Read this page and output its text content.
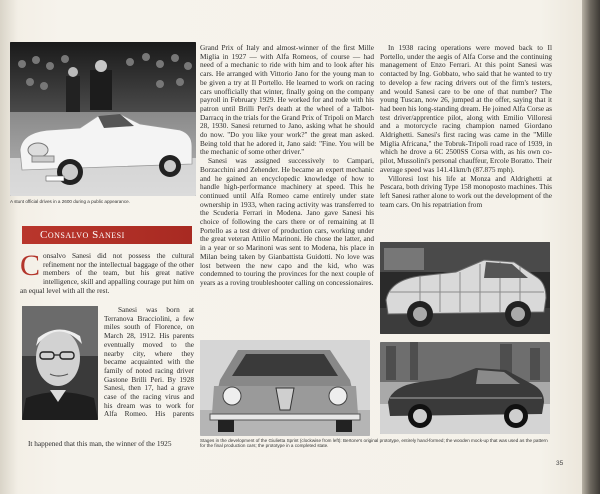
A stunt official drives in a 2600 during a public appearance.
Consalvo Sanesi
C onsalvo Sanesi did not possess the cultural refinement nor the intellectual baggage of the other members of the team, but his great native intelligence, skill and appalling courage put him on an equal level with all the rest.

Sanesi was born at Terranova Bracciolini, a few miles south of Florence, on March 28, 1912. His parents eventually moved to the nearby city, where they became acquainted with the family of noted racing driver Gastone Brilli Peri. By 1928 Sanesi, then 17, had a grave case of the racing virus and his dream was to work for Alfa Romeo. His parents

It happened that this man, the winner of the 1925

Grand Prix of Italy and almost-winner of the first Mille Miglia in 1927 — with Alfa Romeos, of course — had need of a mechanic to ride with him and to look after his cars. He arranged with Vittorio Jano for the young man to be given a try at Il Portello. He learned to work on racing cars unofficially that winter, finally going on the company payroll in February 1929. He worked for and rode with his patron until Brilli Peri's death at the wheel of a Talbot-Darracq in the trials for the Grand Prix of Tripoli on March 28, 1930. Sanesi returned to Jano, asking what he should do now. "Do you like your work?" the great man asked. Being told that he adored it, Jano said: "Fine. You will be the mechanic of some other driver."

Sanesi was assigned successively to Campari, Borzacchini and Zehender. He became an expert mechanic and he gained an encyclopedic knowledge of how to handle high-performance machinery at speed. This he continued until Alfa Romeo came entirely under state ownership in 1933, when racing activity was transferred to the Scuderia Ferrari in Modena. Jano gave Sanesi his choice of following the cars there or of remaining at Il Portello as a test driver of production cars, working under the great veteran Attilio Marinoni. He chose the latter, and in a year or so Marinoni was sent to Modena, his place in Milan being taken by Gianbattista Guidotti. No love was lost between the new capo and the kid, who was condemned to touring the provinces for the next couple of years as a roving troubleshooter calling on concessionaires.

In 1938 racing operations were moved back to Il Portello, under the aegis of Alfa Corse and the continuing management of Enzo Ferrari. At this point Sanesi was contacted by Ing. Gobbato, who said that he wanted to try to develop a few racing drivers out of the firm's testers, and would Sanesi care to be one of that number? The young Tuscan, now 26, jumped at the offer, saying that it had been his long-standing dream. He joined Alfa Corse as test driver/apprentice pilot, along with Emilio Villoresi and a motorcycle racing champion named Giordano Aldrighetti. Sanesi's first racing was came in the "Mille Miglia Africana," the Tobruk-Tripoli road race of 1939, in which he drove a 6C 2500SS Corsa with, as his own co-pilot, Mussolini's personal chauffeur, Ercole Boratto. Their average speed was 141.41km/h (87.875 mph).

Villoresi lost his life at Monza and Aldrighetti at Pescara, both driving Type 158 monoposto machines. This left Sanesi rather alone to work out the development of the team cars. On his repatriation from

Stages in the development of the Giulietta Sprint (clockwise from left): Bertone's original prototype, entirely hand-formed; the wooden mock-up that was used as the pattern for the final production cars; the prototype in a completed state.
35
